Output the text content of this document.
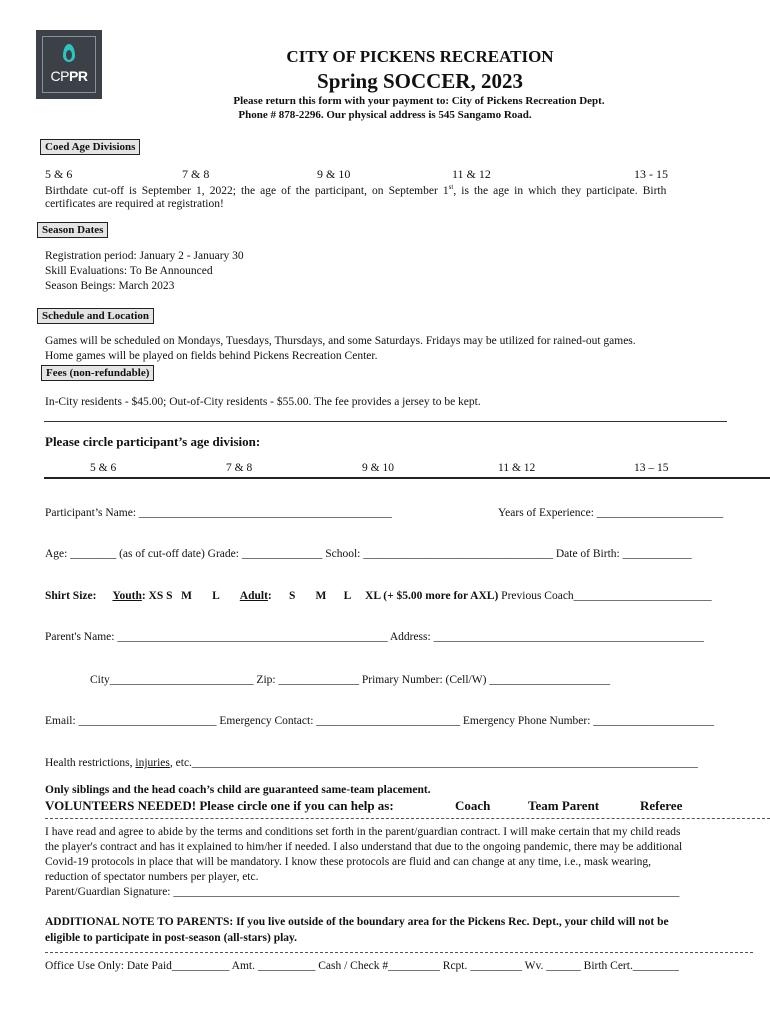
CPPR
CITY OF PICKENS RECREATION
Spring SOCCER, 2023
Please return this form with your payment to: City of Pickens Recreation Dept.
Phone # 878-2296. Our physical address is 545 Sangamo Road.
Coed Age Divisions
5 & 6	7 & 8	9 & 10	11 & 12	13 - 15
Birthdate cut-off is September 1, 2022; the age of the participant, on September 1st, is the age in which they participate. Birth
certificates are required at registration!
Season Dates
Registration period: January 2 - January 30
Skill Evaluations: To Be Announced
Season Beings: March 2023
Schedule and Location
Games will be scheduled on Mondays, Tuesdays, Thursdays, and some Saturdays. Fridays may be utilized for rained-out games.
Home games will be played on fields behind Pickens Recreation Center.
Fees (non-refundable)
In-City residents - $45.00; Out-of-City residents - $55.00. The fee provides a jersey to be kept.
Please circle participant’s age division:
5 & 6	7 & 8	9 & 10	11 & 12	13 – 15
Participant’s Name: ____________________________________________	Years of Experience: ______________________
Age: ________ (as of cut-off date) Grade: ______________ School: _________________________________ Date of Birth: ____________
Shirt Size: Youth: XS S   M       L Adult:      S       M      L     XL (+ $5.00 more for AXL) Previous Coach________________________
Parent's Name: _______________________________________________ Address: _______________________________________________
City_________________________ Zip: ______________ Primary Number: (Cell/W) _____________________
Email: ________________________ Emergency Contact: _________________________ Emergency Phone Number: _____________________
Health restrictions, injuries, etc.________________________________________________________________________________________
Only siblings and the head coach’s child are guaranteed same-team placement.
VOLUNTEERS NEEDED! Please circle one if you can help as:	Coach	Team Parent	Referee
I have read and agree to abide by the terms and conditions set forth in the parent/guardian contract. I will make certain that my child reads
the player's contract and has it explained to him/her if needed. I also understand that due to the ongoing pandemic, there may be additional
Covid-19 protocols in place that will be mandatory. I know these protocols are fluid and can change at any time, i.e., mask wearing,
reduction of spectator numbers per player, etc.
Parent/Guardian Signature: ________________________________________________________________________________________
ADDITIONAL NOTE TO PARENTS: If you live outside of the boundary area for the Pickens Rec. Dept., your child will not be
eligible to participate in post-season (all-stars) play.
Office Use Only: Date Paid__________ Amt. __________ Cash / Check #_________ Rcpt. _________ Wv. ______ Birth Cert.________
